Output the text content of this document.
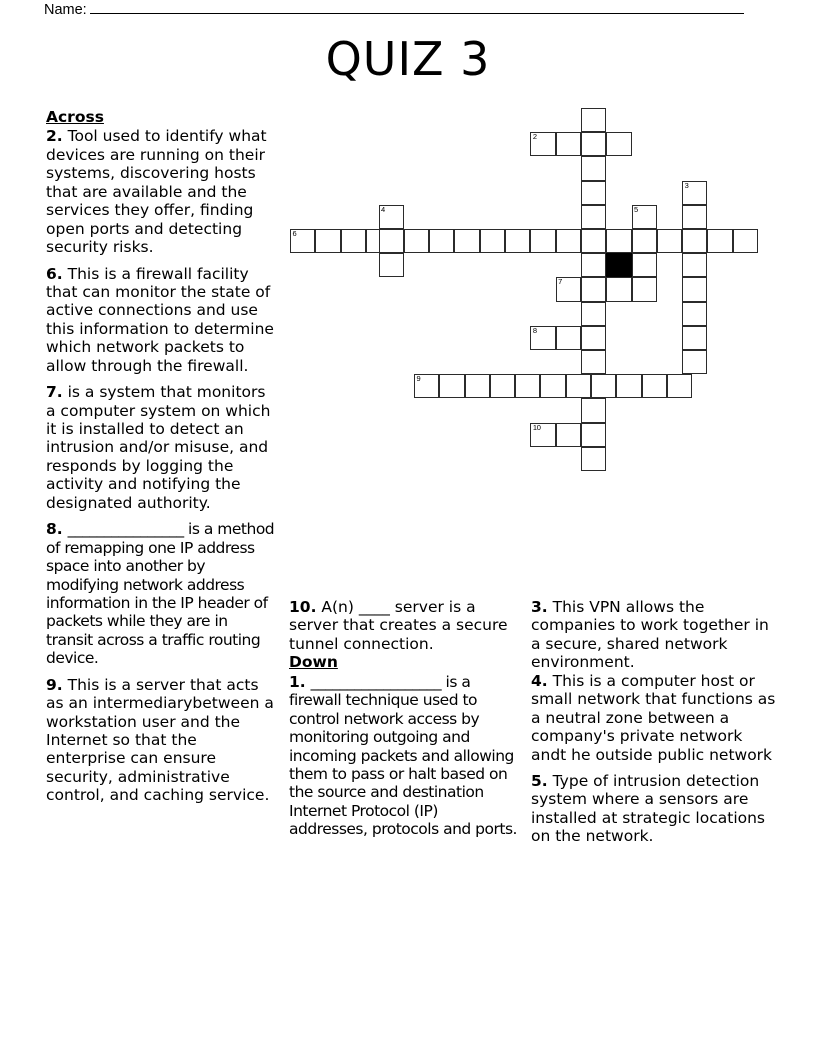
Name:
QUIZ 3
Across
2. Tool used to identify what devices are running on their systems, discovering hosts that are available and the services they offer, finding open ports and detecting security risks.
6. This is a firewall facility that can monitor the state of active connections and use this information to determine which network packets to allow through the firewall.
7. is a system that monitors a computer system on which it is installed to detect an intrusion and/or misuse, and responds by logging the activity and notifying the designated authority.
8. ________________ is a method of remapping one IP address space into another by modifying network address information in the IP header of packets while they are in transit across a traffic routing device.
9. This is a server that acts as an intermediarybetween a workstation user and the Internet so that the enterprise can ensure security, administrative control, and caching service.
10. A(n) ____ server is a server that creates a secure tunnel connection.
Down
1. __________________ is a firewall technique used to control network access by monitoring outgoing and incoming packets and allowing them to pass or halt based on the source and destination Internet Protocol (IP) addresses, protocols and ports.
3. This VPN allows the companies to work together in a secure, shared network environment.
4. This is a computer host or small network that functions as a neutral zone between a company's private network andt he outside public network
5. Type of intrusion detection system where a sensors are installed at strategic locations on the network.
2
3
4	5
6
7
8
9
10
